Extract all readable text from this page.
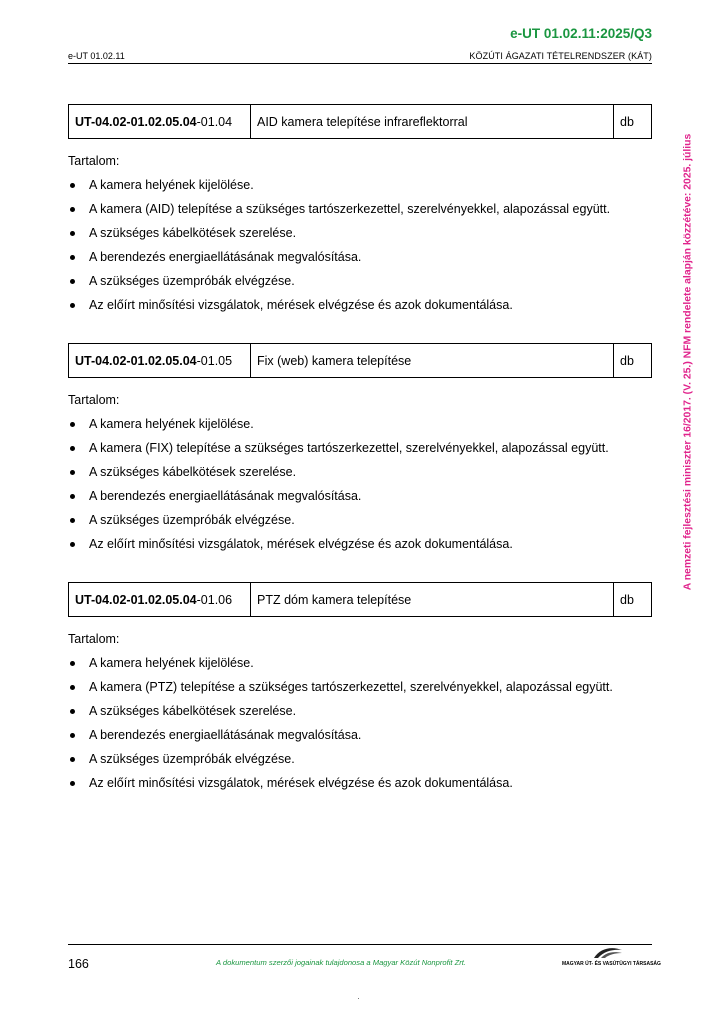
e-UT 01.02.11:2025/Q3
e-UT 01.02.11	KÖZÚTI ÁGAZATI TÉTELRENDSZER (KÁT)
A nemzeti fejlesztési miniszter 16/2017. (V. 25.) NFM rendelete alapján közzétéve: 2025. július
UT-04.02-01.02.05.04-01.04	AID kamera telepítése infrareflektorral	db
Tartalom:
A kamera helyének kijelölése.
A kamera (AID) telepítése a szükséges tartószerkezettel, szerelvényekkel, alapozással együtt.
A szükséges kábelkötések szerelése.
A berendezés energiaellátásának megvalósítása.
A szükséges üzempróbák elvégzése.
Az előírt minősítési vizsgálatok, mérések elvégzése és azok dokumentálása.
UT-04.02-01.02.05.04-01.05	Fix (web) kamera telepítése	db
Tartalom:
A kamera helyének kijelölése.
A kamera (FIX) telepítése a szükséges tartószerkezettel, szerelvényekkel, alapozással együtt.
A szükséges kábelkötések szerelése.
A berendezés energiaellátásának megvalósítása.
A szükséges üzempróbák elvégzése.
Az előírt minősítési vizsgálatok, mérések elvégzése és azok dokumentálása.
UT-04.02-01.02.05.04-01.06	PTZ dóm kamera telepítése	db
Tartalom:
A kamera helyének kijelölése.
A kamera (PTZ) telepítése a szükséges tartószerkezettel, szerelvényekkel, alapozással együtt.
A szükséges kábelkötések szerelése.
A berendezés energiaellátásának megvalósítása.
A szükséges üzempróbák elvégzése.
Az előírt minősítési vizsgálatok, mérések elvégzése és azok dokumentálása.
166	A dokumentum szerzői jogainak tulajdonosa a Magyar Közút Nonprofit Zrt.	MAGYAR ÚT- ÉS VASÚTÜGYI TÁRSASÁG
